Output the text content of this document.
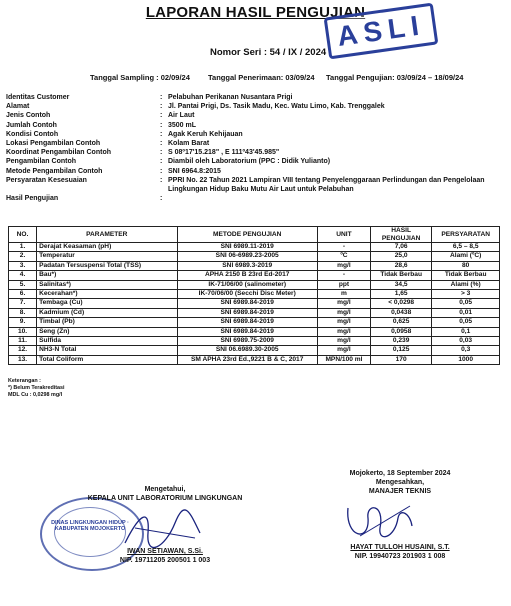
LAPORAN HASIL PENGUJIAN
ASLI
Nomor Seri : 54 / IX / 2024
Tanggal Sampling : 02/09/24 Tanggal Penerimaan: 03/09/24 Tanggal Pengujian: 03/09/24 – 18/09/24
Identitas Customer	: Pelabuhan Perikanan Nusantara Prigi
Alamat	: Jl. Pantai Prigi, Ds. Tasik Madu, Kec. Watu Limo, Kab. Trenggalek
Jenis Contoh	: Air Laut
Jumlah Contoh	: 3500 mL
Kondisi Contoh	: Agak Keruh Kehijauan
Lokasi Pengambilan Contoh	: Kolam Barat
Koordinat Pengambilan Contoh	: S 08º17'15.218" , E 111º43'45.985"
Pengambilan Contoh	: Diambil oleh Laboratorium (PPC : Didik Yulianto)
Metode Pengambilan Contoh	: SNI 6964.8:2015
Persyaratan Kesesuaian	: PPRI No. 22 Tahun 2021 Lampiran VIII tentang Penyelenggaraan Perlindungan dan Pengelolaan Lingkungan Hidup Baku Mutu Air Laut untuk Pelabuhan
Hasil Pengujian	:
NO.	PARAMETER	METODE PENGUJIAN	UNIT	HASIL PENGUJIAN	PERSYARATAN
1.	Derajat Keasaman (pH)	SNI 6989.11-2019	-	7,06	6,5 – 8,5
2.	Temperatur	SNI 06-6989.23-2005	ºC	25,0	Alami (ºC)
3.	Padatan Tersuspensi Total (TSS)	SNI 6989.3-2019	mg/l	28,6	80
4.	Bau*)	APHA 2150 B 23rd Ed-2017	-	Tidak Berbau	Tidak Berbau
5.	Salinitas*)	IK-71/06/00 (salinometer)	ppt	34,5	Alami (%)
6.	Kecerahan*)	IK-70/06/00 (Secchi Disc Meter)	m	1,65	> 3
7.	Tembaga (Cu)	SNI 6989.84-2019	mg/l	< 0,0298	0,05
8.	Kadmium (Cd)	SNI 6989.84-2019	mg/l	0,0438	0,01
9.	Timbal (Pb)	SNI 6989.84-2019	mg/l	0,625	0,05
10.	Seng (Zn)	SNI 6989.84-2019	mg/l	0,0958	0,1
11.	Sulfida	SNI 6989.75-2009	mg/l	0,239	0,03
12.	NH3-N Total	SNI 06.6989.30-2005	mg/l	0,125	0,3
13.	Total Coliform	SM APHA 23rd Ed.,9221 B & C, 2017	MPN/100 ml	170	1000
Keterangan :
*) Belum Terakreditasi
MDL Cu : 0,0298 mg/l
DINAS LINGKUNGAN HIDUP · KABUPATEN MOJOKERTO
Mengetahui,
KEPALA UNIT LABORATORIUM LINGKUNGAN
IWAN SETIAWAN, S.Si.
NIP. 19711205 200501 1 003
Mojokerto, 18 September 2024
Mengesahkan,
MANAJER TEKNIS
HAYAT TULLOH HUSAINI, S.T.
NIP. 19940723 201903 1 008
